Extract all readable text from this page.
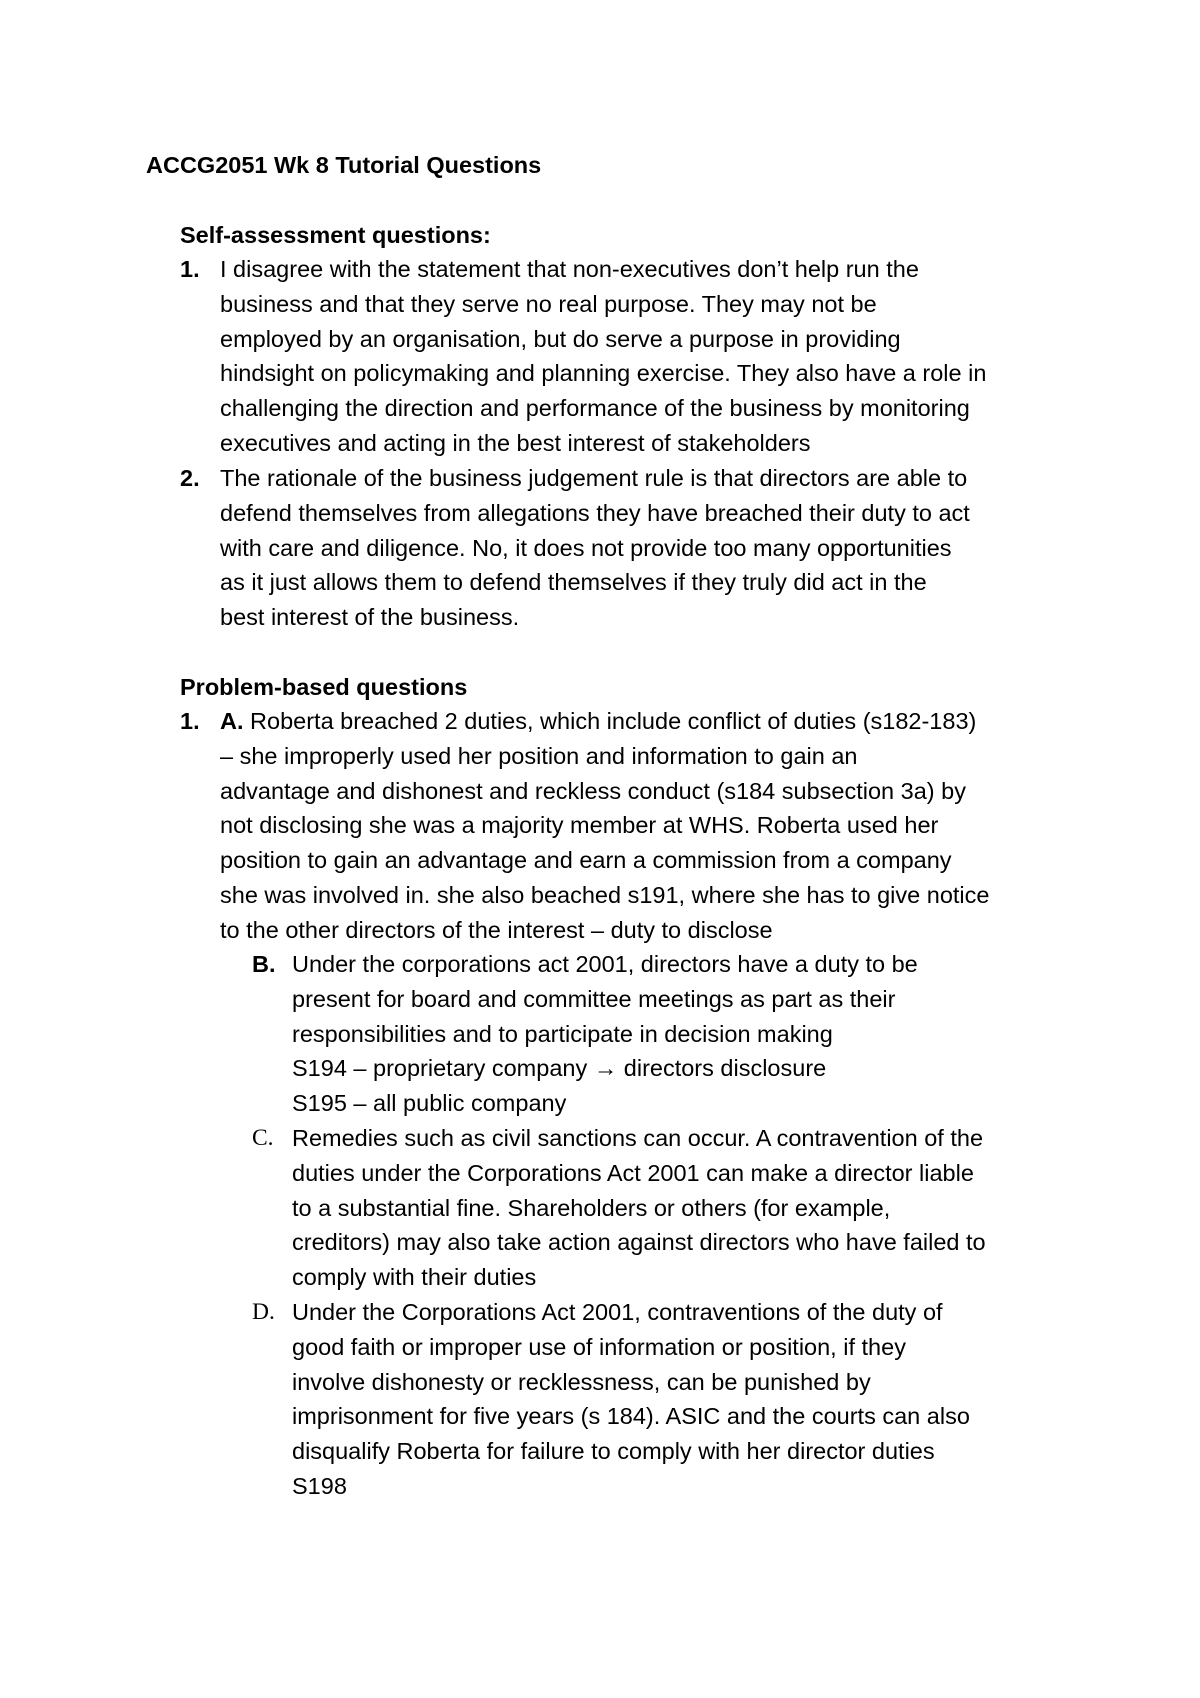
ACCG2051 Wk 8 Tutorial Questions
Self-assessment questions:
1. I disagree with the statement that non-executives don’t help run the
business and that they serve no real purpose. They may not be
employed by an organisation, but do serve a purpose in providing
hindsight on policymaking and planning exercise. They also have a role in
challenging the direction and performance of the business by monitoring
executives and acting in the best interest of stakeholders
2. The rationale of the business judgement rule is that directors are able to
defend themselves from allegations they have breached their duty to act
with care and diligence. No, it does not provide too many opportunities
as it just allows them to defend themselves if they truly did act in the
best interest of the business.
Problem-based questions
1. A. Roberta breached 2 duties, which include conflict of duties (s182-183)
– she improperly used her position and information to gain an
advantage and dishonest and reckless conduct (s184 subsection 3a) by
not disclosing she was a majority member at WHS. Roberta used her
position to gain an advantage and earn a commission from a company
she was involved in. she also beached s191, where she has to give notice
to the other directors of the interest – duty to disclose
B. Under the corporations act 2001, directors have a duty to be
present for board and committee meetings as part as their
responsibilities and to participate in decision making
S194 – proprietary company → directors disclosure
S195 – all public company
C. Remedies such as civil sanctions can occur. A contravention of the
duties under the Corporations Act 2001 can make a director liable
to a substantial fine. Shareholders or others (for example,
creditors) may also take action against directors who have failed to
comply with their duties
D. Under the Corporations Act 2001, contraventions of the duty of
good faith or improper use of information or position, if they
involve dishonesty or recklessness, can be punished by
imprisonment for five years (s 184). ASIC and the courts can also
disqualify Roberta for failure to comply with her director duties
S198
